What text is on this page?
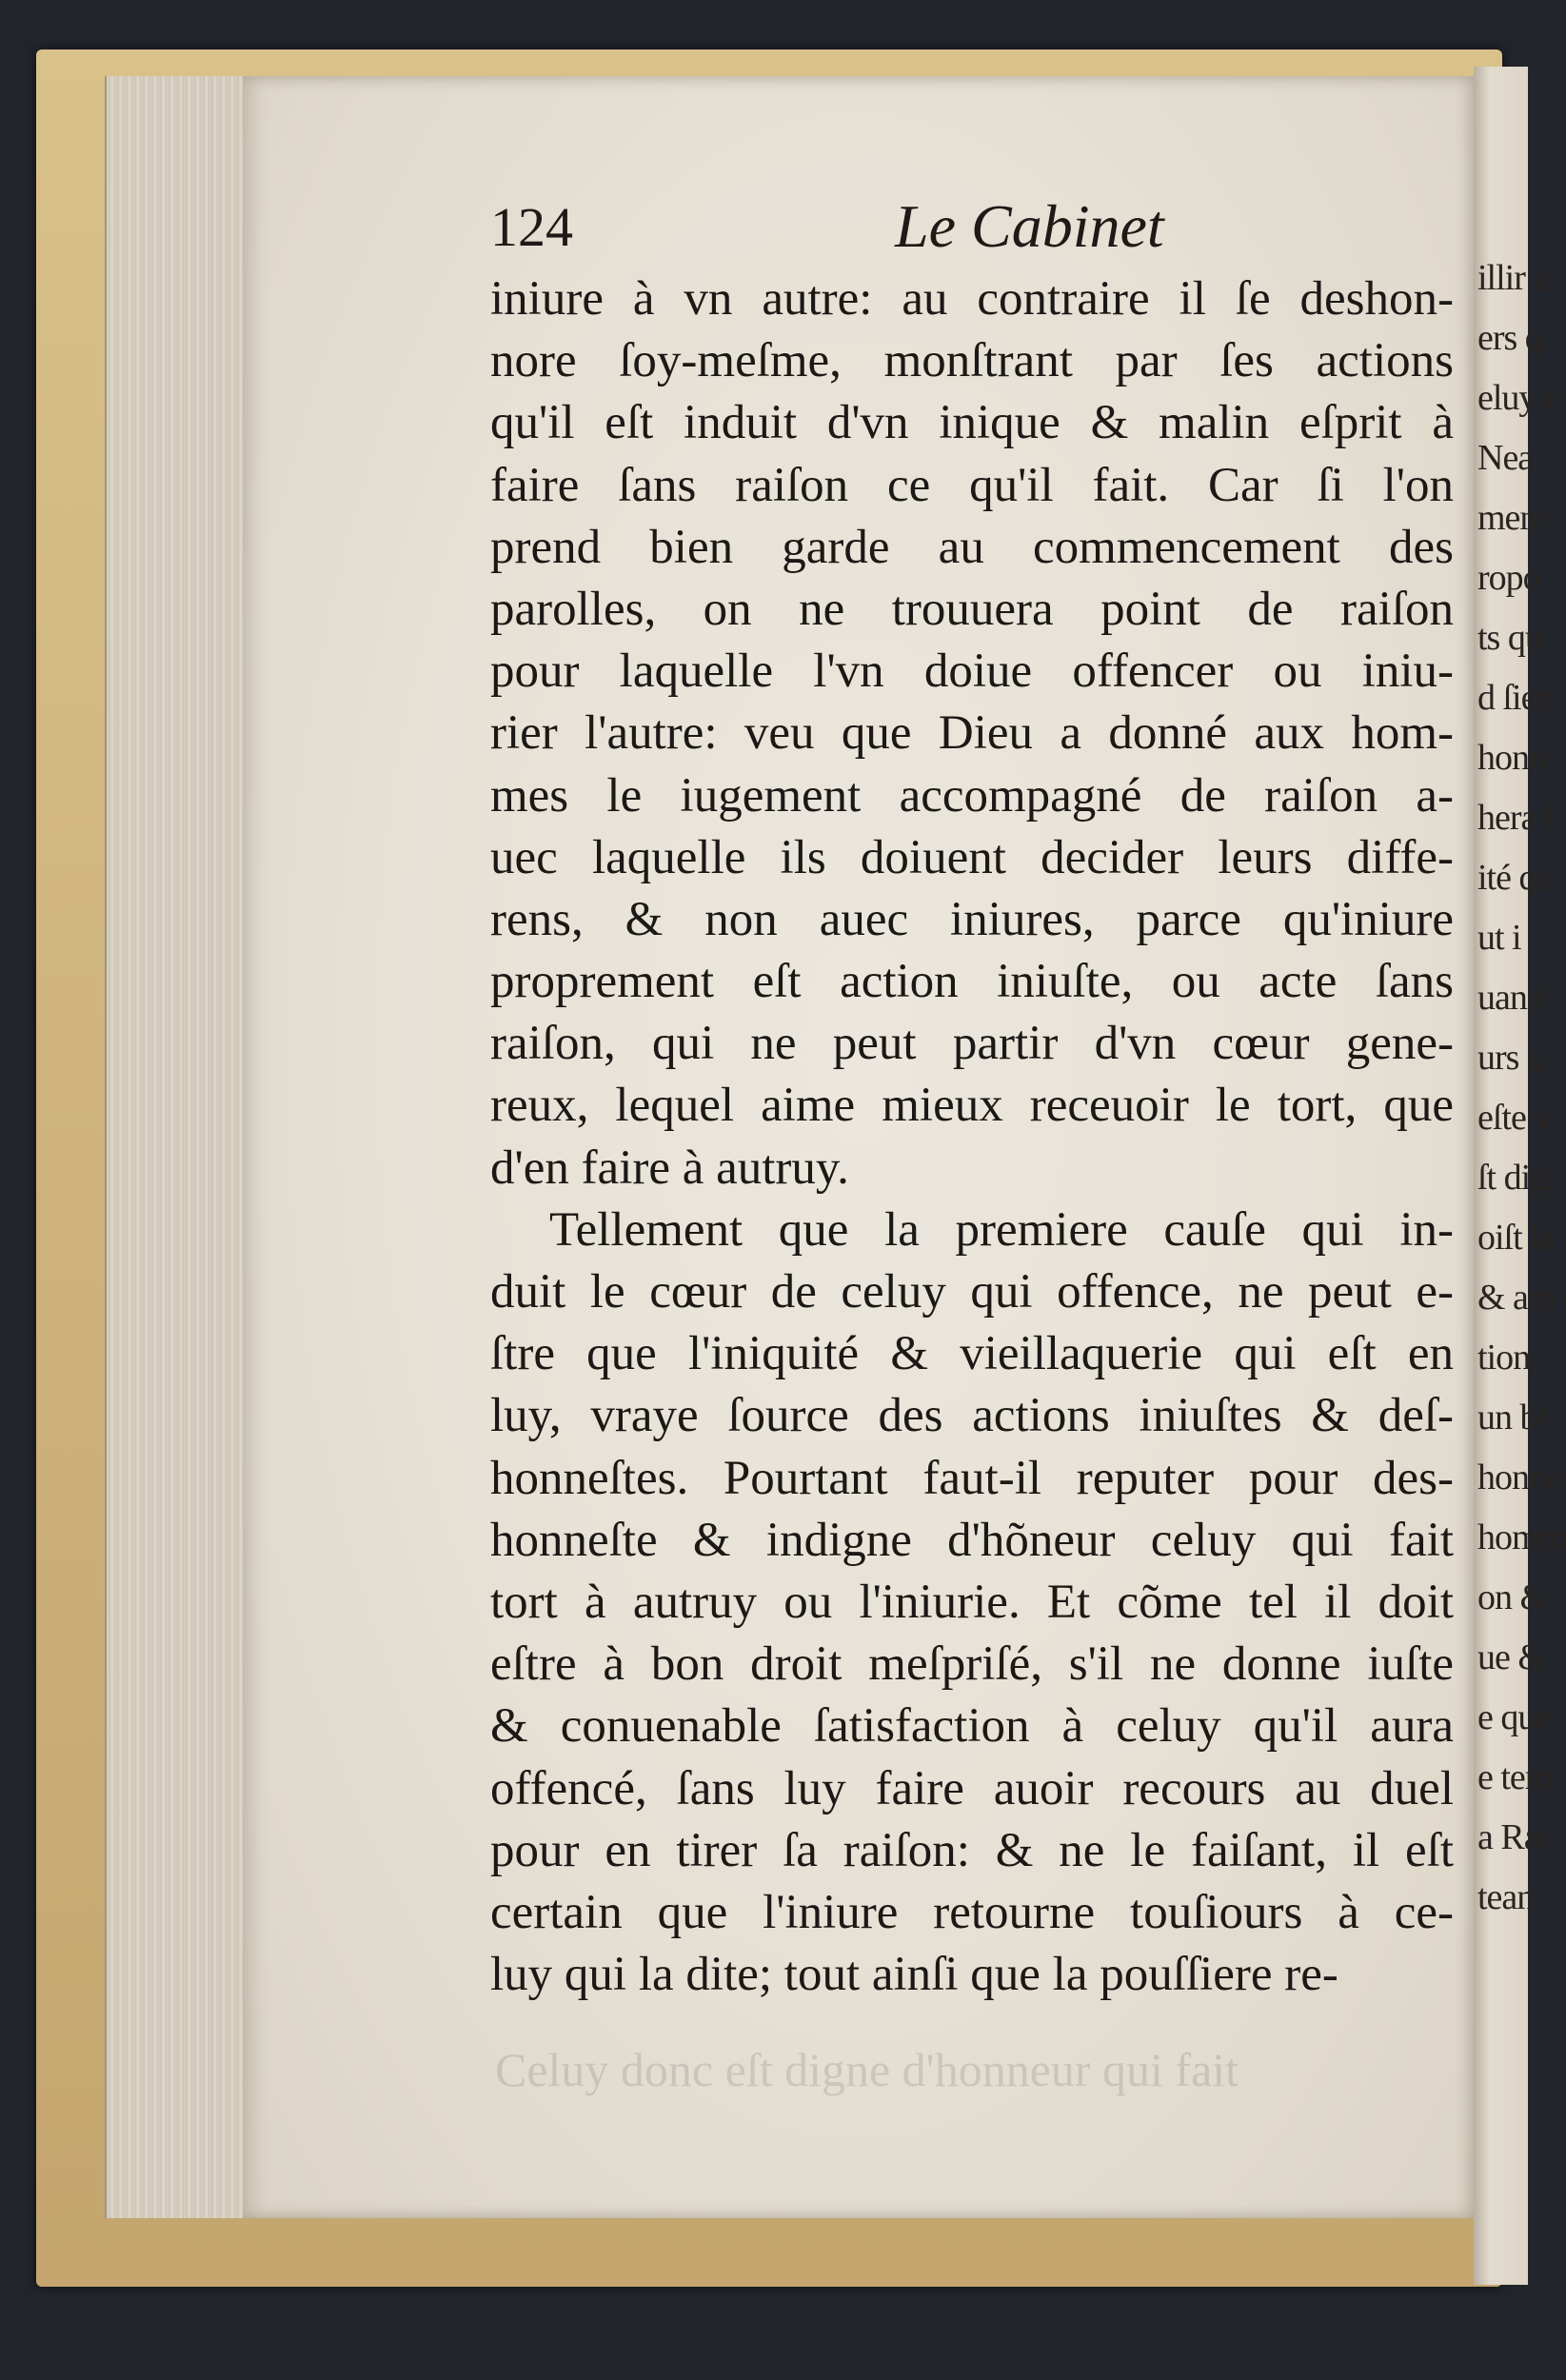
illir a
ers q
eluy c
Nea
ment
ropo
ts qu
d ſien
honn
hera l
ité qu
ut i
uand
urs q
eſte v
ſt dig
oiſt la
& am
tion,
un bl
honne
homm
on &
ue &
e que
e tem
a Rai
tean
Celuy donc eſt digne d'honneur qui fait
124	Le Cabinet
iniure à vn autre: au contraire il ſe deshon-
nore ſoy-meſme, monſtrant par ſes actions
qu'il eſt induit d'vn inique & malin eſprit à
faire ſans raiſon ce qu'il fait. Car ſi l'on
prend bien garde au commencement des
parolles, on ne trouuera point de raiſon
pour laquelle l'vn doiue offencer ou iniu-
rier l'autre: veu que Dieu a donné aux hom-
mes le iugement accompagné de raiſon a-
uec laquelle ils doiuent decider leurs diffe-
rens, & non auec iniures, parce qu'iniure
proprement eſt action iniuſte, ou acte ſans
raiſon, qui ne peut partir d'vn cœur gene-
reux, lequel aime mieux receuoir le tort, que
d'en faire à autruy.
Tellement que la premiere cauſe qui in-
duit le cœur de celuy qui offence, ne peut e-
ſtre que l'iniquité & vieillaquerie qui eſt en
luy, vraye ſource des actions iniuſtes & deſ-
honneſtes. Pourtant faut-il reputer pour des-
honneſte & indigne d'hõneur celuy qui fait
tort à autruy ou l'iniurie. Et cõme tel il doit
eſtre à bon droit meſpriſé, s'il ne donne iuſte
& conuenable ſatisfaction à celuy qu'il aura
offencé, ſans luy faire auoir recours au duel
pour en tirer ſa raiſon: & ne le faiſant, il eſt
certain que l'iniure retourne touſiours à ce-
luy qui la dite; tout ainſi que la pouſſiere re-
